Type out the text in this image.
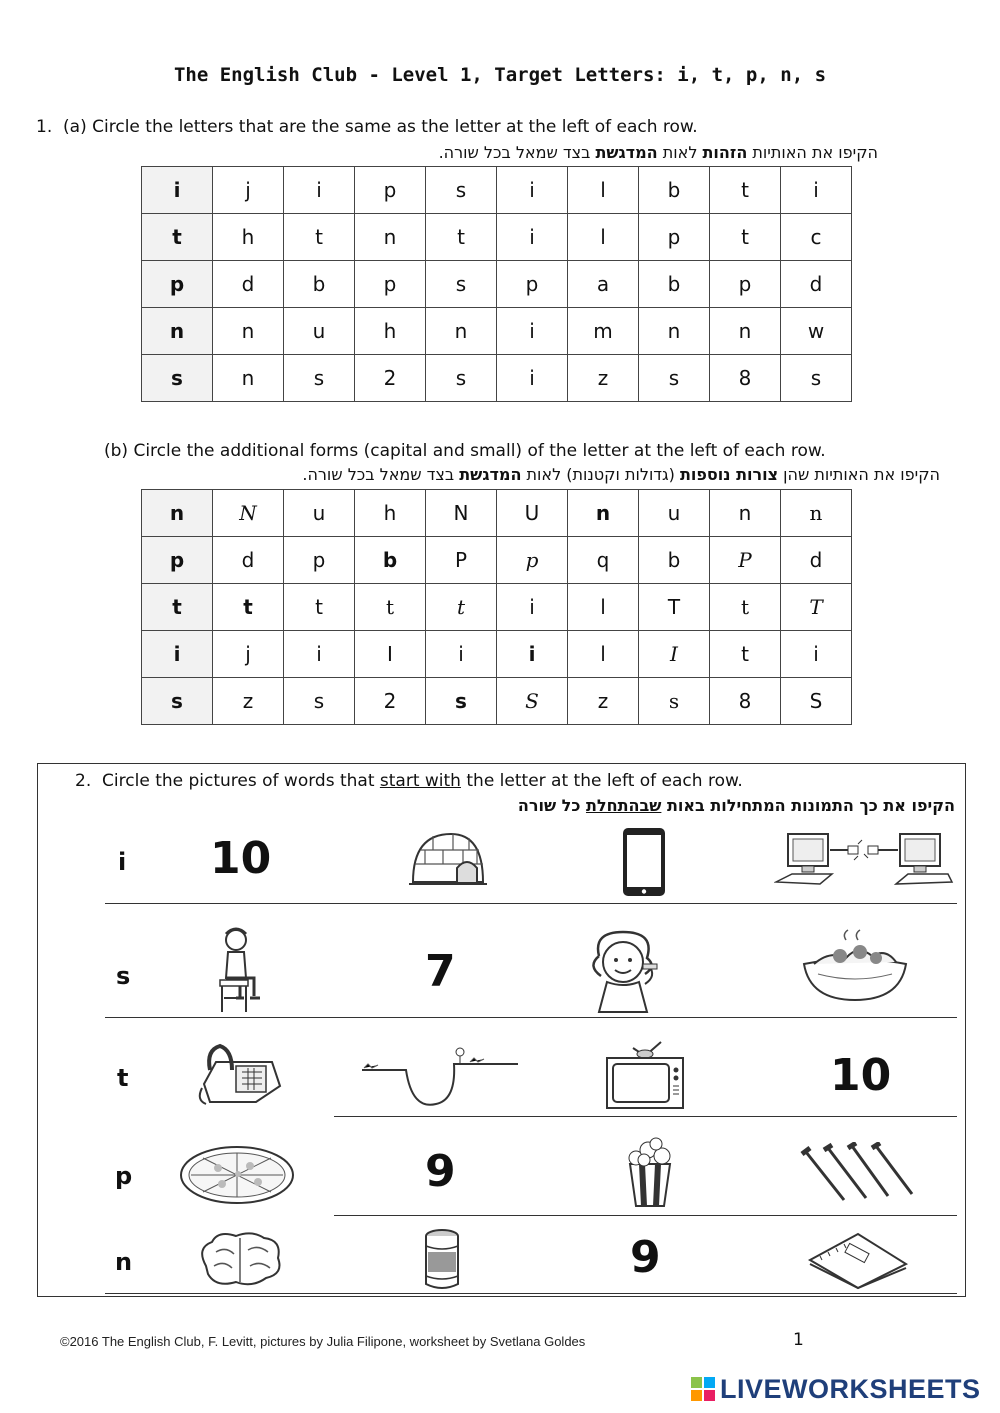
The English Club - Level 1, Target Letters: i, t, p, n, s
1. (a) Circle the letters that are the same as the letter at the left of each row.
הקיפו את האותיות הזהות לאות המדגשת בצד שמאל בכל שורה.
i	j	i	p	s	i	l	b	t	i
t	h	t	n	t	i	l	p	t	c
p	d	b	p	s	p	a	b	p	d
n	n	u	h	n	i	m	n	n	w
s	n	s	2	s	i	z	s	8	s
(b) Circle the additional forms (capital and small) of the letter at the left of each row.
הקיפו את האותיות שהן צורות נוספות (גדולות וקטנות) לאות המדגשת בצד שמאל בכל שורה.
n	N	u	h	N	U	n	u	n	n
p	d	p	b	P	p	q	b	P	d
t	t	t	t	t	i	l	T	t	T
i	j	i	I	i	i	l	I	t	i
s	z	s	2	s	S	z	s	8	S
2. Circle the pictures of words that start with the letter at the left of each row.
הקיפו את כך התמונות המתחילות באות שבהתחלת כל שורה
i
s
t
p
n
10
7
10
9
9
©2016 The English Club, F. Levitt, pictures by Julia Filipone, worksheet by Svetlana Goldes	1
LIVEWORKSHEETS
